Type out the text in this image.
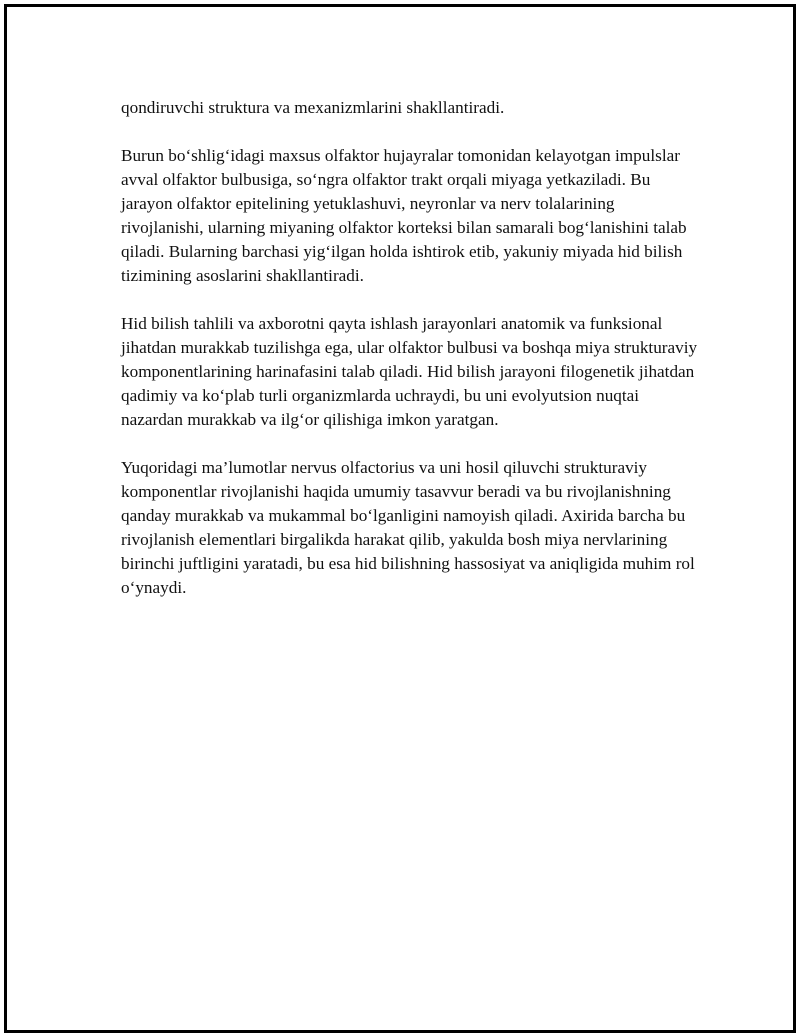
qondiruvchi struktura va mexanizmlarini shakllantiradi.

Burun bo‘shlig‘idagi maxsus olfaktor hujayralar tomonidan kelayotgan impulslar avval olfaktor bulbusiga, so‘ngra olfaktor trakt orqali miyaga yetkaziladi. Bu jarayon olfaktor epitelining yetuklashuvi, neyronlar va nerv tolalarining rivojlanishi, ularning miyaning olfaktor korteksi bilan samarali bog‘lanishini talab qiladi. Bularning barchasi yig‘ilgan holda ishtirok etib, yakuniy miyada hid bilish tizimining asoslarini shakllantiradi.

Hid bilish tahlili va axborotni qayta ishlash jarayonlari anatomik va funksional jihatdan murakkab tuzilishga ega, ular olfaktor bulbusi va boshqa miya strukturaviy komponentlarining harinafasini talab qiladi. Hid bilish jarayoni filogenetik jihatdan qadimiy va ko‘plab turli organizmlarda uchraydi, bu uni evolyutsion nuqtai nazardan murakkab va ilg‘or qilishiga imkon yaratgan.

Yuqoridagi ma’lumotlar nervus olfactorius va uni hosil qiluvchi strukturaviy komponentlar rivojlanishi haqida umumiy tasavvur beradi va bu rivojlanishning qanday murakkab va mukammal bo‘lganligini namoyish qiladi. Axirida barcha bu rivojlanish elementlari birgalikda harakat qilib, yakulda bosh miya nervlarining birinchi juftligini yaratadi, bu esa hid bilishning hassosiyat va aniqligida muhim rol o‘ynaydi.
